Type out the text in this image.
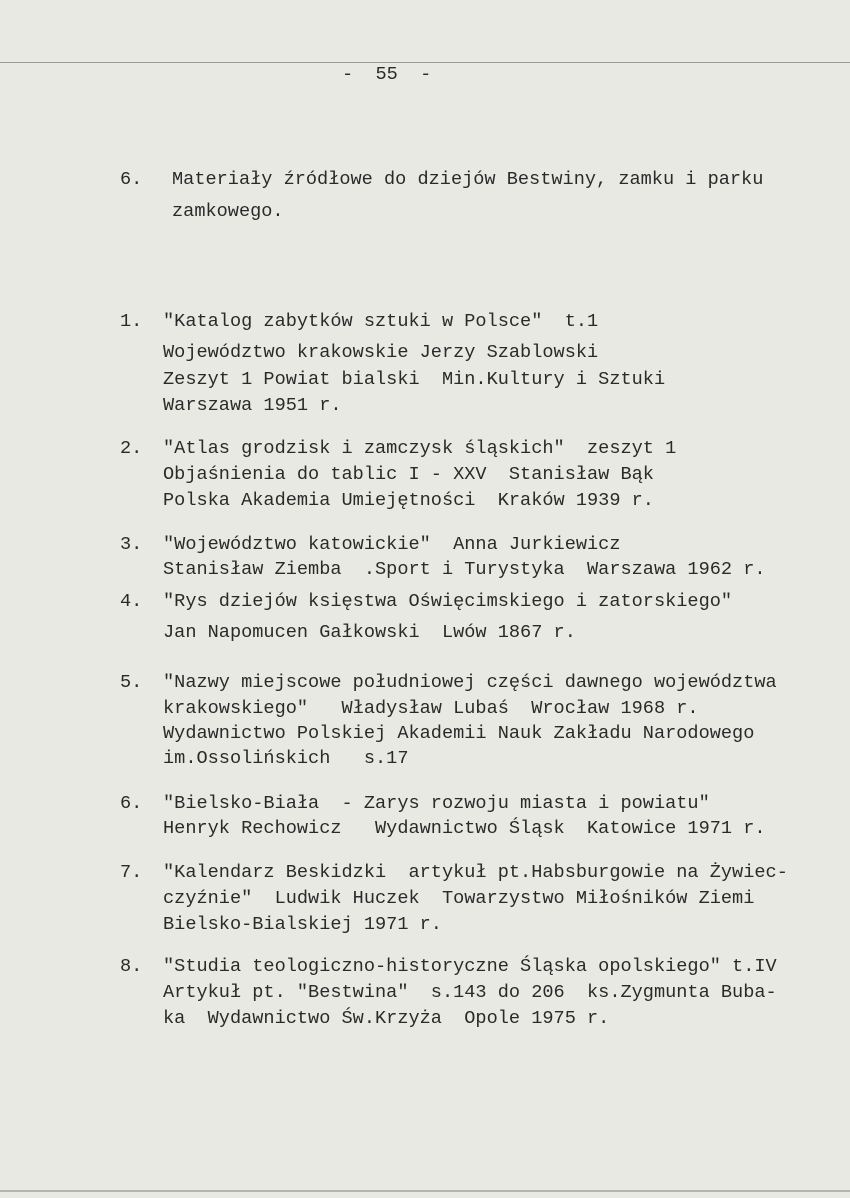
-  55  -
6. Materiały źródłowe do dziejów Bestwiny, zamku i parku
zamkowego.
1. "Katalog zabytków sztuki w Polsce"  t.1
Województwo krakowskie Jerzy Szablowski
Zeszyt 1 Powiat bialski  Min.Kultury i Sztuki
Warszawa 1951 r.
2. "Atlas grodzisk i zamczysk śląskich"  zeszyt 1
Objaśnienia do tablic I - XXV  Stanisław Bąk
Polska Akademia Umiejętności  Kraków 1939 r.
3. "Województwo katowickie"  Anna Jurkiewicz
Stanisław Ziemba  .Sport i Turystyka  Warszawa 1962 r.
4. "Rys dziejów księstwa Oświęcimskiego i zatorskiego"
Jan Napomucen Gałkowski  Lwów 1867 r.
5. "Nazwy miejscowe południowej części dawnego województwa
krakowskiego"   Władysław Lubaś  Wrocław 1968 r.
Wydawnictwo Polskiej Akademii Nauk Zakładu Narodowego
im.Ossolińskich   s.17
6. "Bielsko-Biała  - Zarys rozwoju miasta i powiatu"
Henryk Rechowicz   Wydawnictwo Śląsk  Katowice 1971 r.
7. "Kalendarz Beskidzki  artykuł pt.Habsburgowie na Żywiec-
czyźnie"  Ludwik Huczek  Towarzystwo Miłośników Ziemi
Bielsko-Bialskiej 1971 r.
8. "Studia teologiczno-historyczne Śląska opolskiego" t.IV
Artykuł pt. "Bestwina"  s.143 do 206  ks.Zygmunta Buba-
ka  Wydawnictwo Św.Krzyża  Opole 1975 r.
